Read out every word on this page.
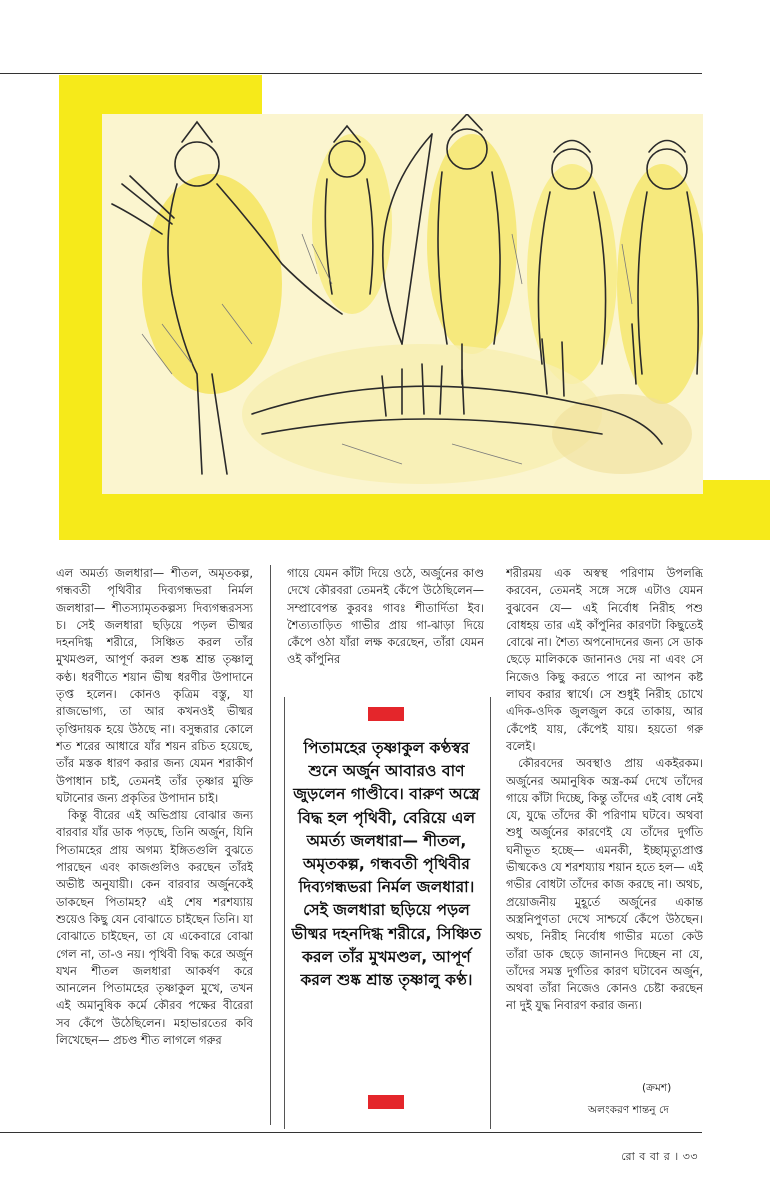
এল অমর্ত্য জলধারা— শীতল, অমৃতকল্প, গন্ধবতী পৃথিবীর দিব্যগন্ধভরা নির্মল জলধারা— শীতস্যামৃতকল্পস্য দিব্যগন্ধরসস্য চ। সেই জলধারা ছড়িয়ে পড়ল ভীষ্মর দহনদিগ্ধ শরীরে, সিঞ্চিত করল তাঁর মুখমণ্ডল, আপূর্ণ করল শুষ্ক শ্রান্ত তৃষ্ণালু কণ্ঠ। ধরণীতে শয়ান ভীষ্ম ধরণীর উপাদানে তৃপ্ত হলেন। কোনও কৃত্রিম বস্তু, যা রাজভোগ্য, তা আর কখনওই ভীষ্মর তৃপ্তিদায়ক হয়ে উঠছে না। বসুন্ধরার কোলে শত শরের আধারে যাঁর শয়ন রচিত হয়েছে, তাঁর মস্তক ধারণ করার জন্য যেমন শরাকীর্ণ উপাধান চাই, তেমনই তাঁর তৃষ্ণার মুক্তি ঘটানোর জন্য প্রকৃতির উপাদান চাই।

কিন্তু বীরের এই অভিপ্রায় বোঝার জন্য বারবার যাঁর ডাক পড়ছে, তিনি অর্জুন, যিনি পিতামহের প্রায় অগম্য ইঙ্গিতগুলি বুঝতে পারছেন এবং কাজগুলিও করছেন তাঁরই অভীষ্ট অনুযায়ী। কেন বারবার অর্জুনকেই ডাকছেন পিতামহ? এই শেষ শরশয্যায় শুয়েও কিছু যেন বোঝাতে চাইছেন তিনি। যা বোঝাতে চাইছেন, তা যে একেবারে বোঝা গেল না, তা-ও নয়। পৃথিবী বিদ্ধ করে অর্জুন যখন শীতল জলধারা আকর্ষণ করে আনলেন পিতামহের তৃষ্ণাকুল মুখে, তখন এই অমানুষিক কর্মে কৌরব পক্ষের বীরেরা সব কেঁপে উঠেছিলেন। মহাভারতের কবি লিখেছেন— প্রচণ্ড শীত লাগলে গরুর

গায়ে যেমন কাঁটা দিয়ে ওঠে, অর্জুনের কাণ্ড দেখে কৌরবরা তেমনই কেঁপে উঠেছিলেন— সম্প্রাবেপন্ত কুরবঃ গাবঃ শীতার্দিতা ইব। শৈত্যতাড়িত গাভীর প্রায় গা-ঝাড়া দিয়ে কেঁপে ওঠা যাঁরা লক্ষ করেছেন, তাঁরা যেমন ওই কাঁপুনির

পিতামহের তৃষ্ণাকুল কণ্ঠস্বর শুনে অর্জুন আবারও বাণ জুড়লেন গাণ্ডীবে। বারুণ অস্ত্রে বিদ্ধ হল পৃথিবী, বেরিয়ে এল অমর্ত্য জলধারা— শীতল, অমৃতকল্প, গন্ধবতী পৃথিবীর দিব্যগন্ধভরা নির্মল জলধারা। সেই জলধারা ছড়িয়ে পড়ল ভীষ্মর দহনদিগ্ধ শরীরে, সিঞ্চিত করল তাঁর মুখমণ্ডল, আপূর্ণ করল শুষ্ক শ্রান্ত তৃষ্ণালু কণ্ঠ।

শরীরময় এক অস্বস্থ পরিণাম উপলব্ধি করবেন, তেমনই সঙ্গে সঙ্গে এটাও যেমন বুঝবেন যে— এই নির্বোধ নিরীহ পশু বোধহয় তার এই কাঁপুনির কারণটা কিছুতেই বোঝে না। শৈত্য অপনোদনের জন্য সে ডাক ছেড়ে মালিককে জানানও দেয় না এবং সে নিজেও কিছু করতে পারে না আপন কষ্ট লাঘব করার স্বার্থে। সে শুধুই নিরীহ চোখে এদিক-ওদিক জুলজুল করে তাকায়, আর কেঁপেই যায়, কেঁপেই যায়। হয়তো গরু বলেই।

কৌরবদের অবস্থাও প্রায় একইরকম। অর্জুনের অমানুষিক অস্ত্র-কর্ম দেখে তাঁদের গায়ে কাঁটা দিচ্ছে, কিন্তু তাঁদের এই বোধ নেই যে, যুদ্ধে তাঁদের কী পরিণাম ঘটবে। অথবা শুধু অর্জুনের কারণেই যে তাঁদের দুর্গতি ঘনীভূত হচ্ছে— এমনকী, ইচ্ছামৃত্যুপ্রাপ্ত ভীষ্মকেও যে শরশয্যায় শয়ান হতে হল— এই গভীর বোধটা তাঁদের কাজ করছে না। অথচ, প্রয়োজনীয় মুহূর্তে অর্জুনের একান্ত অস্ত্রনিপুণতা দেখে সাশ্চর্যে কেঁপে উঠছেন। অথচ, নিরীহ নির্বোধ গাভীর মতো কেউ তাঁরা ডাক ছেড়ে জানানও দিচ্ছেন না যে, তাঁদের সমস্ত দুর্গতির কারণ ঘটাবেন অর্জুন, অথবা তাঁরা নিজেও কোনও চেষ্টা করছেন না দুই যুদ্ধ নিবারণ করার জন্য।

(ক্রমশ)
অলংকরণ শান্তনু দে
রো ব বা র । ৩৩
